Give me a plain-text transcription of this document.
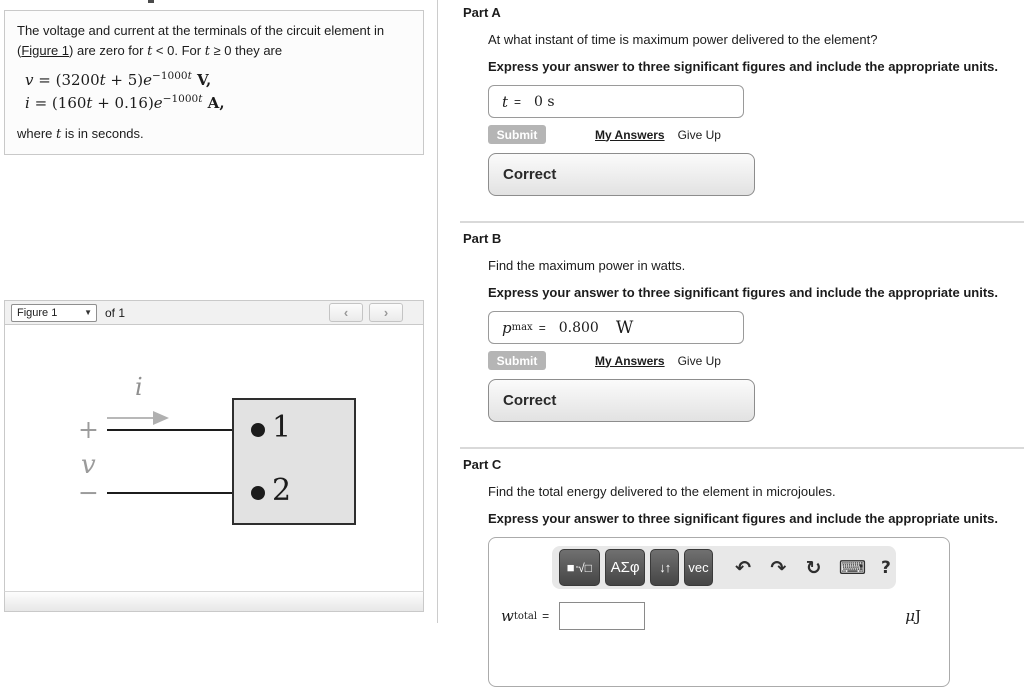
The voltage and current at the terminals of the circuit element in (Figure 1) are zero for t < 0. For t ≥ 0 they are
$v = (3200t + 5)e^{-1000t}$ V,
$i = (160t + 0.16)e^{-1000t}$ A,
where t is in seconds.
Figure 1	▼ of 1	‹	›
i
+
v
−
1
2
Part A

At what instant of time is maximum power delivered to the element?

Express your answer to three significant figures and include the appropriate units.

t = 0 s
Submit	My Answers Give Up
Correct
Part B

Find the maximum power in watts.

Express your answer to three significant figures and include the appropriate units.

p max = 0.800 W
Submit	My Answers Give Up
Correct
Part C

Find the total energy delivered to the element in microjoules.

Express your answer to three significant figures and include the appropriate units.

■ ▫ √ □	ΑΣφ	↓↑	vec ↶ ↷ ↻ ⌨ ?
w total =	μJ
